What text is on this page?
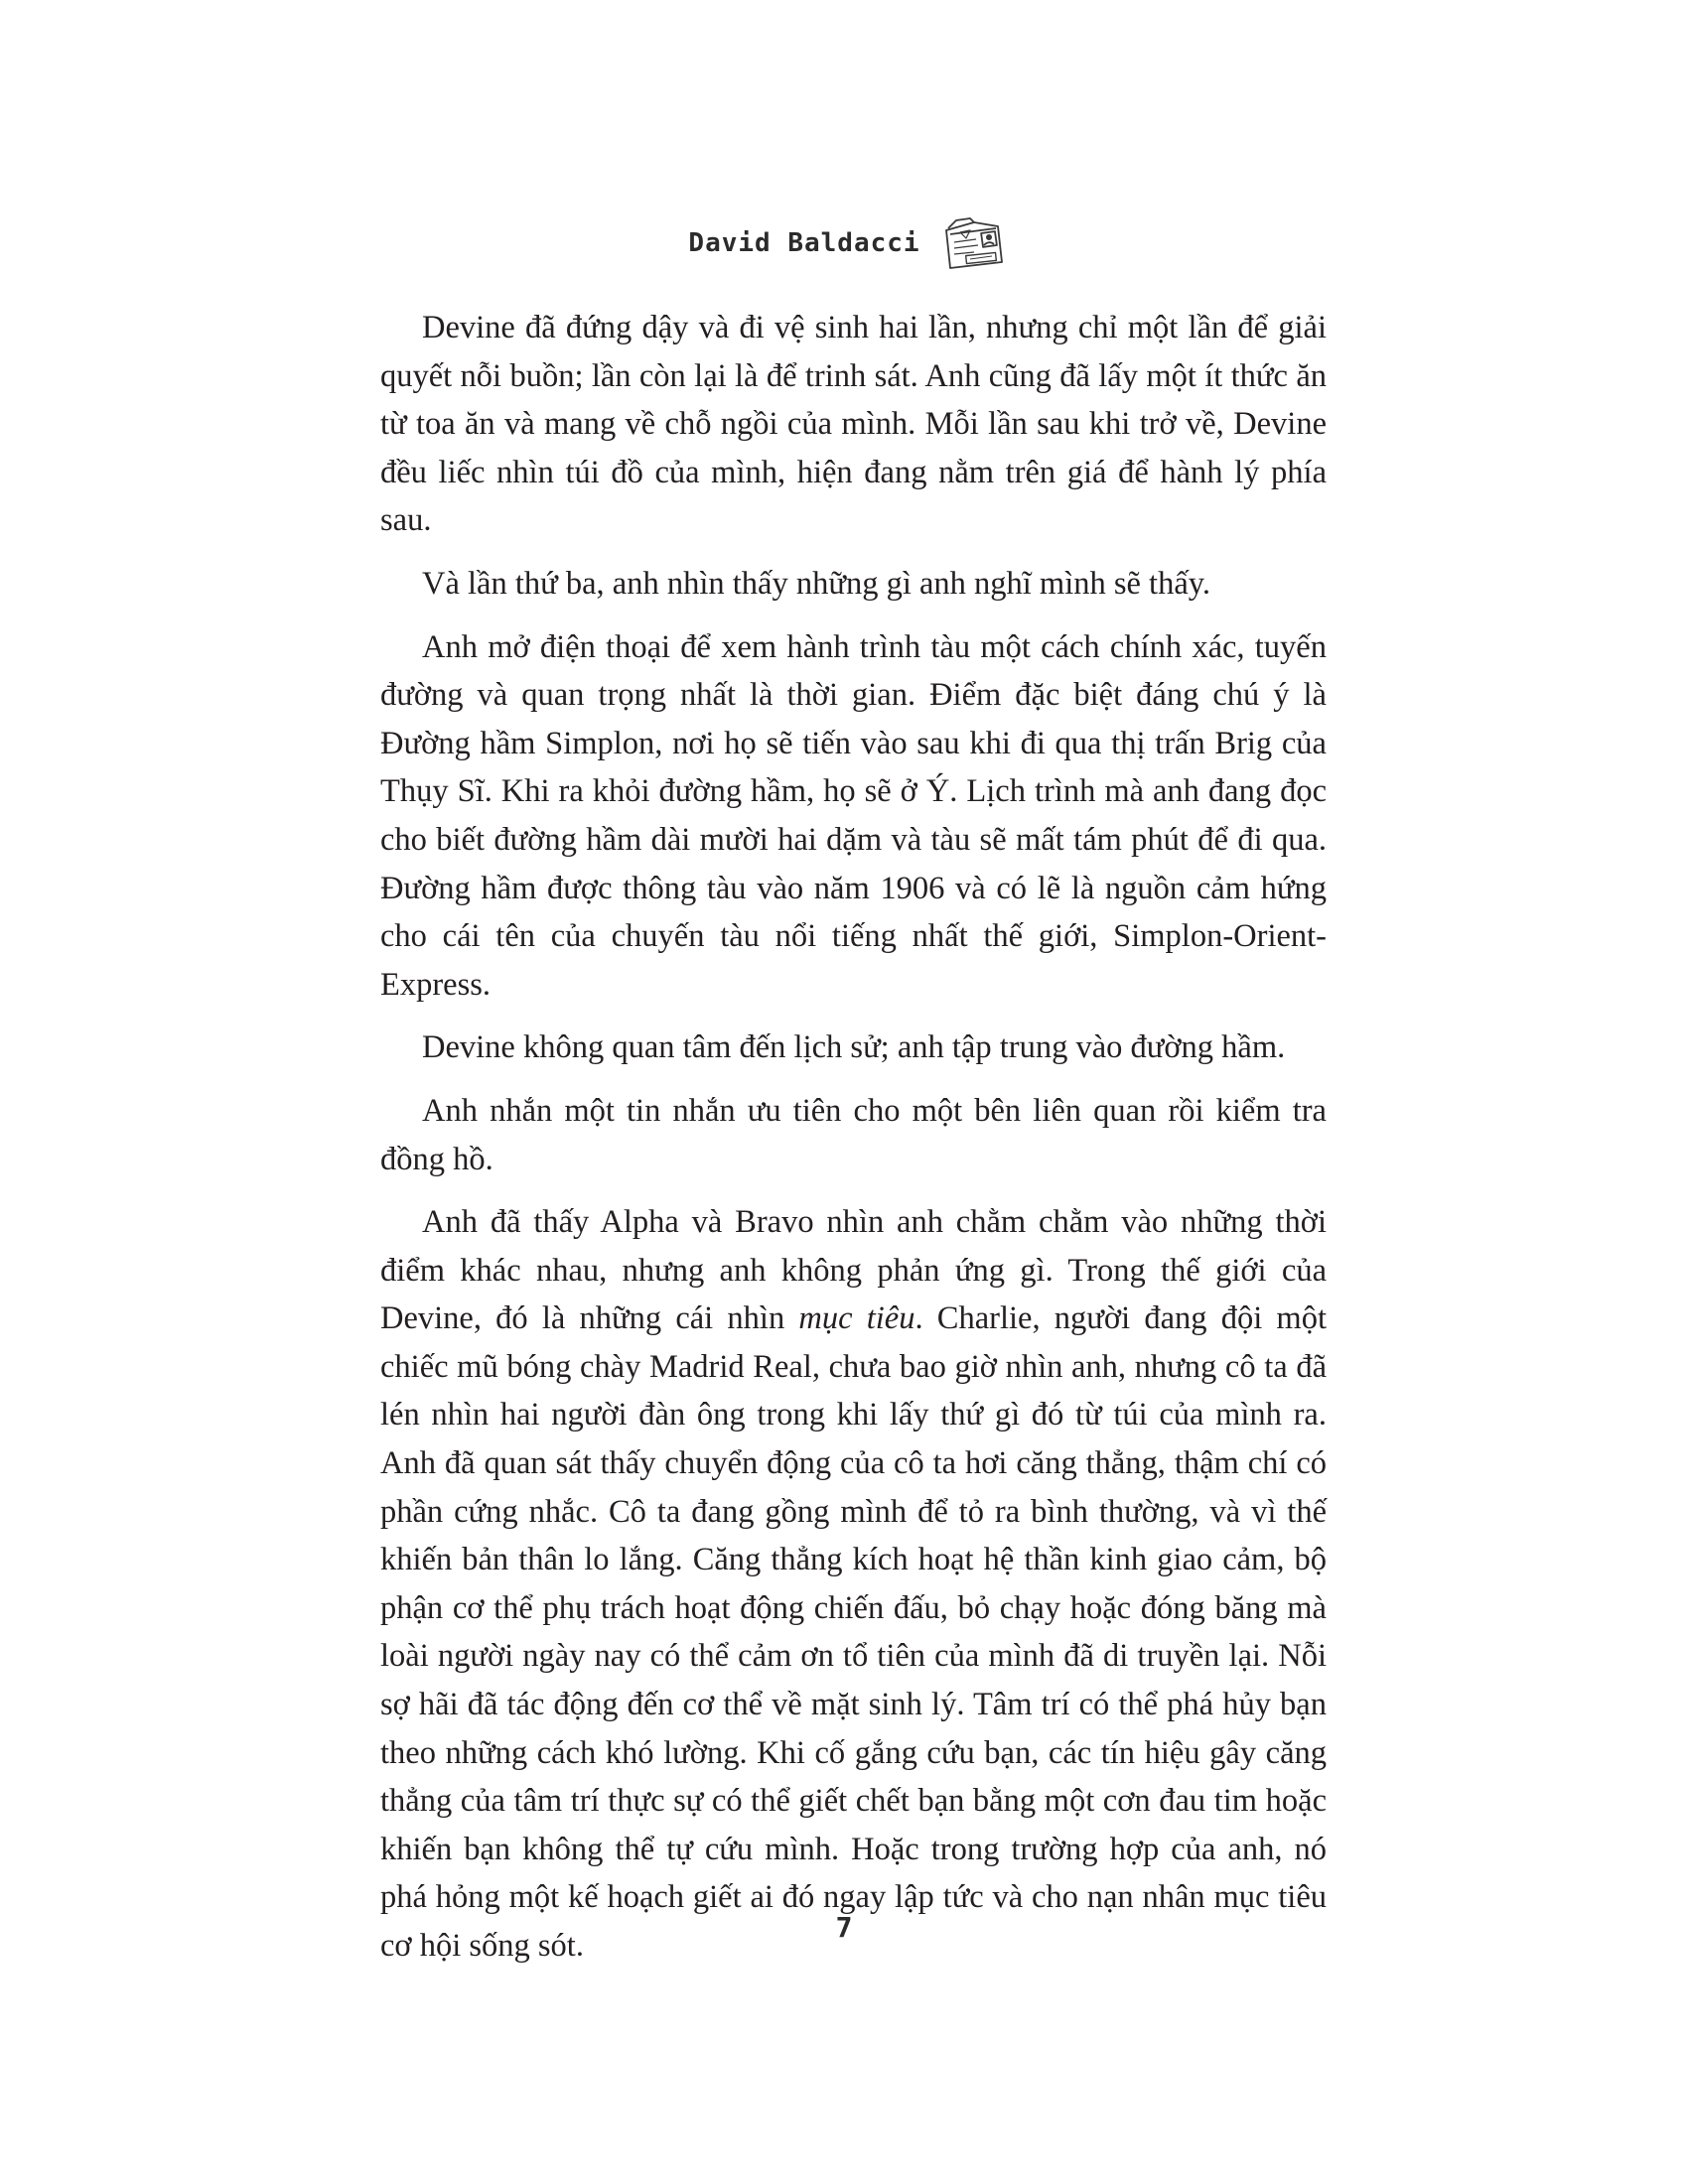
David Baldacci

Devine đã đứng dậy và đi vệ sinh hai lần, nhưng chỉ một lần để giải quyết nỗi buồn; lần còn lại là để trinh sát. Anh cũng đã lấy một ít thức ăn từ toa ăn và mang về chỗ ngồi của mình. Mỗi lần sau khi trở về, Devine đều liếc nhìn túi đồ của mình, hiện đang nằm trên giá để hành lý phía sau.

Và lần thứ ba, anh nhìn thấy những gì anh nghĩ mình sẽ thấy.

Anh mở điện thoại để xem hành trình tàu một cách chính xác, tuyến đường và quan trọng nhất là thời gian. Điểm đặc biệt đáng chú ý là Đường hầm Simplon, nơi họ sẽ tiến vào sau khi đi qua thị trấn Brig của Thụy Sĩ. Khi ra khỏi đường hầm, họ sẽ ở Ý. Lịch trình mà anh đang đọc cho biết đường hầm dài mười hai dặm và tàu sẽ mất tám phút để đi qua. Đường hầm được thông tàu vào năm 1906 và có lẽ là nguồn cảm hứng cho cái tên của chuyến tàu nổi tiếng nhất thế giới, Simplon-Orient-Express.

Devine không quan tâm đến lịch sử; anh tập trung vào đường hầm.

Anh nhắn một tin nhắn ưu tiên cho một bên liên quan rồi kiểm tra đồng hồ.

Anh đã thấy Alpha và Bravo nhìn anh chằm chằm vào những thời điểm khác nhau, nhưng anh không phản ứng gì. Trong thế giới của Devine, đó là những cái nhìn mục tiêu. Charlie, người đang đội một chiếc mũ bóng chày Madrid Real, chưa bao giờ nhìn anh, nhưng cô ta đã lén nhìn hai người đàn ông trong khi lấy thứ gì đó từ túi của mình ra. Anh đã quan sát thấy chuyển động của cô ta hơi căng thẳng, thậm chí có phần cứng nhắc. Cô ta đang gồng mình để tỏ ra bình thường, và vì thế khiến bản thân lo lắng. Căng thẳng kích hoạt hệ thần kinh giao cảm, bộ phận cơ thể phụ trách hoạt động chiến đấu, bỏ chạy hoặc đóng băng mà loài người ngày nay có thể cảm ơn tổ tiên của mình đã di truyền lại. Nỗi sợ hãi đã tác động đến cơ thể về mặt sinh lý. Tâm trí có thể phá hủy bạn theo những cách khó lường. Khi cố gắng cứu bạn, các tín hiệu gây căng thẳng của tâm trí thực sự có thể giết chết bạn bằng một cơn đau tim hoặc khiến bạn không thể tự cứu mình. Hoặc trong trường hợp của anh, nó phá hỏng một kế hoạch giết ai đó ngay lập tức và cho nạn nhân mục tiêu cơ hội sống sót.

7
